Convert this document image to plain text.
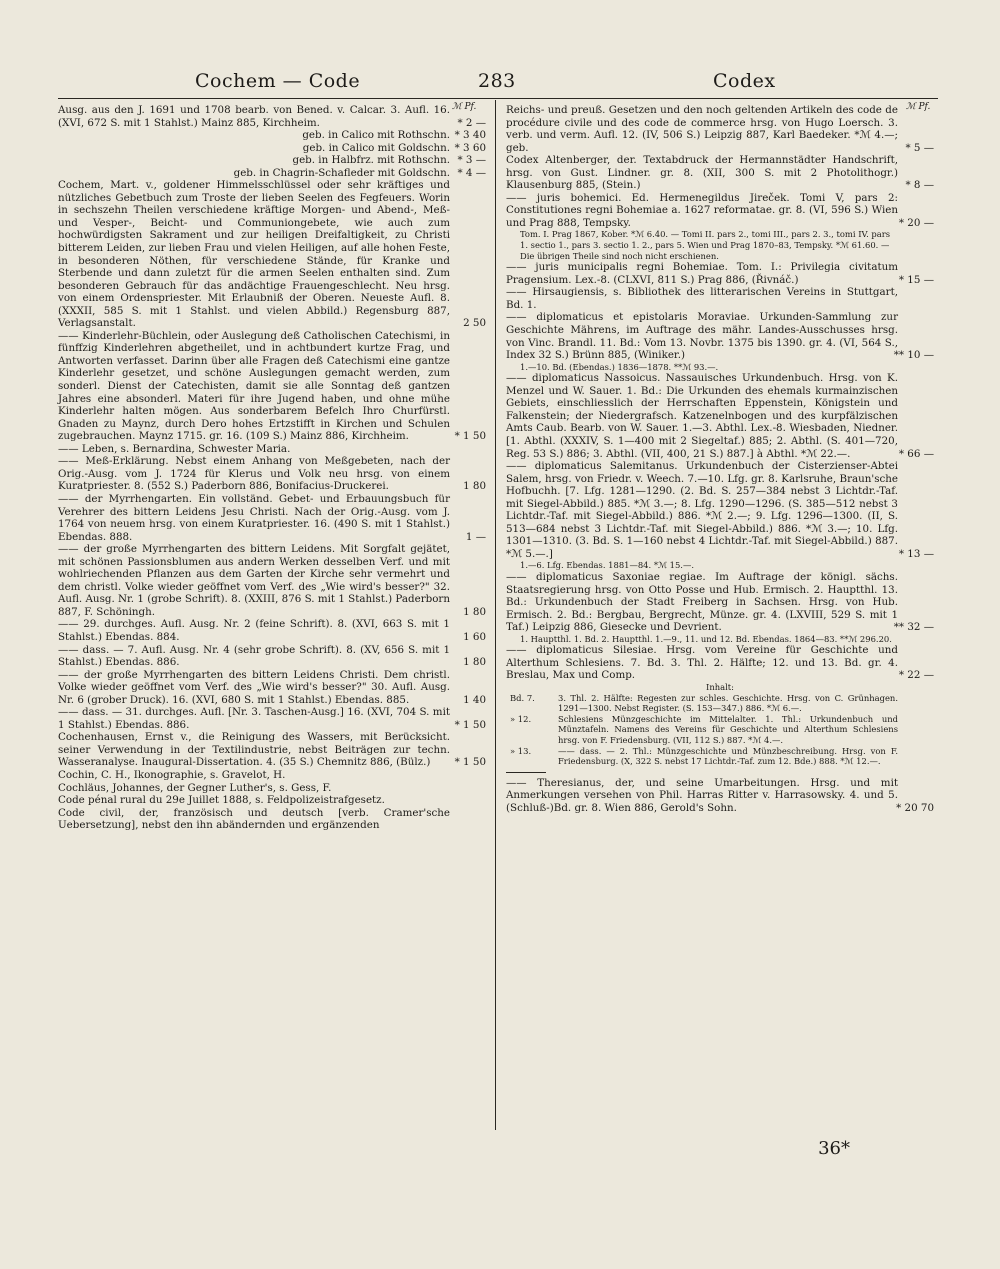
Cochem — Code	283	Codex
ℳ Pf.	ℳ Pf.
Ausg. aus den J. 1691 und 1708 bearb. von Bened. v. Calcar. 3. Aufl. 16. (XVI, 672 S. mit 1 Stahlst.) Mainz 885, Kirchheim.	* 2 —
geb. in Calico mit Rothschn. * 3 40
geb. in Calico mit Goldschn. * 3 60
geb. in Halbfrz. mit Rothschn. * 3 —
geb. in Chagrin-Schafleder mit Goldschn. * 4 —
Cochem, Mart. v., goldener Himmelsschlüssel oder sehr kräftiges und nützliches Gebetbuch zum Troste der lieben Seelen des Fegfeuers. Worin in sechszehn Theilen verschiedene kräftige Morgen- und Abend-, Meß- und Vesper-, Beicht- und Communiongebete, wie auch zum hochwürdigsten Sakrament und zur heiligen Dreifaltigkeit, zu Christi bitterem Leiden, zur lieben Frau und vielen Heiligen, auf alle hohen Feste, in besonderen Nöthen, für verschiedene Stände, für Kranke und Sterbende und dann zuletzt für die armen Seelen enthalten sind. Zum besonderen Gebrauch für das andächtige Frauengeschlecht. Neu hrsg. von einem Ordenspriester. Mit Erlaubniß der Oberen. Neueste Aufl. 8. (XXXII, 585 S. mit 1 Stahlst. und vielen Abbild.) Regensburg 887, Verlagsanstalt.	2 50
—— Kinderlehr-Büchlein, oder Auslegung deß Catholischen Catechismi, in fünffzig Kinderlehren abgetheilet, und in achtbundert kurtze Frag, und Antworten verfasset. Darinn über alle Fragen deß Catechismi eine gantze Kinderlehr gesetzet, und schöne Auslegungen gemacht werden, zum sonderl. Dienst der Catechisten, damit sie alle Sonntag deß gantzen Jahres eine absonderl. Materi für ihre Jugend haben, und ohne mühe Kinderlehr halten mögen. Aus sonderbarem Befelch Ihro Churfürstl. Gnaden zu Maynz, durch Dero hohes Ertzstifft in Kirchen und Schulen zugebrauchen. Maynz 1715. gr. 16. (109 S.) Mainz 886, Kirchheim.	* 1 50
—— Leben, s. Bernardina, Schwester Maria.
—— Meß-Erklärung. Nebst einem Anhang von Meßgebeten, nach der Orig.-Ausg. vom J. 1724 für Klerus und Volk neu hrsg. von einem Kuratpriester. 8. (552 S.) Paderborn 886, Bonifacius-Druckerei.	1 80
—— der Myrrhengarten. Ein vollständ. Gebet- und Erbauungsbuch für Verehrer des bittern Leidens Jesu Christi. Nach der Orig.-Ausg. vom J. 1764 von neuem hrsg. von einem Kuratpriester. 16. (490 S. mit 1 Stahlst.) Ebendas. 888.	1 —
—— der große Myrrhengarten des bittern Leidens. Mit Sorgfalt gejätet, mit schönen Passionsblumen aus andern Werken desselben Verf. und mit wohlriechenden Pflanzen aus dem Garten der Kirche sehr vermehrt und dem christl. Volke wieder geöffnet vom Verf. des „Wie wird's besser?" 32. Aufl. Ausg. Nr. 1 (grobe Schrift). 8. (XXIII, 876 S. mit 1 Stahlst.) Paderborn 887, F. Schöningh.	1 80
—— 29. durchges. Aufl. Ausg. Nr. 2 (feine Schrift). 8. (XVI, 663 S. mit 1 Stahlst.) Ebendas. 884.	1 60
—— dass. — 7. Aufl. Ausg. Nr. 4 (sehr grobe Schrift). 8. (XV, 656 S. mit 1 Stahlst.) Ebendas. 886.	1 80
—— der große Myrrhengarten des bittern Leidens Christi. Dem christl. Volke wieder geöffnet vom Verf. des „Wie wird's besser?" 30. Aufl. Ausg. Nr. 6 (grober Druck). 16. (XVI, 680 S. mit 1 Stahlst.) Ebendas. 885.	1 40
—— dass. — 31. durchges. Aufl. [Nr. 3. Taschen-Ausg.] 16. (XVI, 704 S. mit 1 Stahlst.) Ebendas. 886.	* 1 50
Cochenhausen, Ernst v., die Reinigung des Wassers, mit Berücksicht. seiner Verwendung in der Textilindustrie, nebst Beiträgen zur techn. Wasseranalyse. Inaugural-Dissertation. 4. (35 S.) Chemnitz 886, (Bülz.)	* 1 50
Cochin, C. H., Ikonographie, s. Gravelot, H.
Cochläus, Johannes, der Gegner Luther's, s. Gess, F.
Code pénal rural du 29e Juillet 1888, s. Feldpolizeistrafgesetz.
Code civil, der, französisch und deutsch [verb. Cramer'sche Uebersetzung], nebst den ihn abändernden und ergänzenden
Reichs- und preuß. Gesetzen und den noch geltenden Artikeln des code de procédure civile und des code de commerce hrsg. von Hugo Loersch. 3. verb. und verm. Aufl. 12. (IV, 506 S.) Leipzig 887, Karl Baedeker. *ℳ 4.—; geb.	* 5 —
Codex Altenberger, der. Textabdruck der Hermannstädter Handschrift, hrsg. von Gust. Lindner. gr. 8. (XII, 300 S. mit 2 Photolithogr.) Klausenburg 885, (Stein.)	* 8 —
—— juris bohemici. Ed. Hermenegildus Jireček. Tomi V, pars 2: Constitutiones regni Bohemiae a. 1627 reformatae. gr. 8. (VI, 596 S.) Wien und Prag 888, Tempsky.	* 20 —
Tom. I. Prag 1867, Kober. *ℳ 6.40. — Tomi II. pars 2., tomi III., pars 2. 3., tomi IV. pars 1. sectio 1., pars 3. sectio 1. 2., pars 5. Wien und Prag 1870–83, Tempsky. *ℳ 61.60. — Die übrigen Theile sind noch nicht erschienen.
—— juris municipalis regni Bohemiae. Tom. I.: Privilegia civitatum Pragensium. Lex.-8. (CLXVI, 811 S.) Prag 886, (Řivnáč.)	* 15 —
—— Hirsaugiensis, s. Bibliothek des litterarischen Vereins in Stuttgart, Bd. 1.
—— diplomaticus et epistolaris Moraviae. Urkunden-Sammlung zur Geschichte Mährens, im Auftrage des mähr. Landes-Ausschusses hrsg. von Vinc. Brandl. 11. Bd.: Vom 13. Novbr. 1375 bis 1390. gr. 4. (VI, 564 S., Index 32 S.) Brünn 885, (Winiker.)	** 10 —
1.—10. Bd. (Ebendas.) 1836—1878. **ℳ 93.—.
—— diplomaticus Nassoicus. Nassauisches Urkundenbuch. Hrsg. von K. Menzel und W. Sauer. 1. Bd.: Die Urkunden des ehemals kurmainzischen Gebiets, einschliesslich der Herrschaften Eppenstein, Königstein und Falkenstein; der Niedergrafsch. Katzenelnbogen und des kurpfälzischen Amts Caub. Bearb. von W. Sauer. 1.—3. Abthl. Lex.-8. Wiesbaden, Niedner. [1. Abthl. (XXXIV, S. 1—400 mit 2 Siegeltaf.) 885; 2. Abthl. (S. 401—720, Reg. 53 S.) 886; 3. Abthl. (VII, 400, 21 S.) 887.] à Abthl. *ℳ 22.—.	* 66 —
—— diplomaticus Salemitanus. Urkundenbuch der Cisterzienser-Abtei Salem, hrsg. von Friedr. v. Weech. 7.—10. Lfg. gr. 8. Karlsruhe, Braun'sche Hofbuchh. [7. Lfg. 1281—1290. (2. Bd. S. 257—384 nebst 3 Lichtdr.-Taf. mit Siegel-Abbild.) 885. *ℳ 3.—; 8. Lfg. 1290—1296. (S. 385—512 nebst 3 Lichtdr.-Taf. mit Siegel-Abbild.) 886. *ℳ 2.—; 9. Lfg. 1296—1300. (II, S. 513—684 nebst 3 Lichtdr.-Taf. mit Siegel-Abbild.) 886. *ℳ 3.—; 10. Lfg. 1301—1310. (3. Bd. S. 1—160 nebst 4 Lichtdr.-Taf. mit Siegel-Abbild.) 887. *ℳ 5.—.]	* 13 —
1.—6. Lfg. Ebendas. 1881—84. *ℳ 15.—.
—— diplomaticus Saxoniae regiae. Im Auftrage der königl. sächs. Staatsregierung hrsg. von Otto Posse und Hub. Ermisch. 2. Hauptthl. 13. Bd.: Urkundenbuch der Stadt Freiberg in Sachsen. Hrsg. von Hub. Ermisch. 2. Bd.: Bergbau, Bergrecht, Münze. gr. 4. (LXVIII, 529 S. mit 1 Taf.) Leipzig 886, Giesecke und Devrient.	** 32 —
1. Hauptthl. 1. Bd. 2. Hauptthl. 1.—9., 11. und 12. Bd. Ebendas. 1864—83. **ℳ 296.20.
—— diplomaticus Silesiae. Hrsg. vom Vereine für Geschichte und Alterthum Schlesiens. 7. Bd. 3. Thl. 2. Hälfte; 12. und 13. Bd. gr. 4. Breslau, Max und Comp.	* 22 —
Inhalt:
Bd. 7.	3. Thl. 2. Hälfte: Regesten zur schles. Geschichte. Hrsg. von C. Grünhagen. 1291—1300. Nebst Register. (S. 153—347.) 886. *ℳ 6.—.
» 12.	Schlesiens Münzgeschichte im Mittelalter. 1. Thl.: Urkundenbuch und Münztafeln. Namens des Vereins für Geschichte und Alterthum Schlesiens hrsg. von F. Friedensburg. (VII, 112 S.) 887. *ℳ 4.—.
» 13.	—— dass. — 2. Thl.: Münzgeschichte und Münzbeschreibung. Hrsg. von F. Friedensburg. (X, 322 S. nebst 17 Lichtdr.-Taf. zum 12. Bde.) 888. *ℳ 12.—.
—— Theresianus, der, und seine Umarbeitungen. Hrsg. und mit Anmerkungen versehen von Phil. Harras Ritter v. Harrasowsky. 4. und 5. (Schluß-)Bd. gr. 8. Wien 886, Gerold's Sohn.	* 20 70
36*
